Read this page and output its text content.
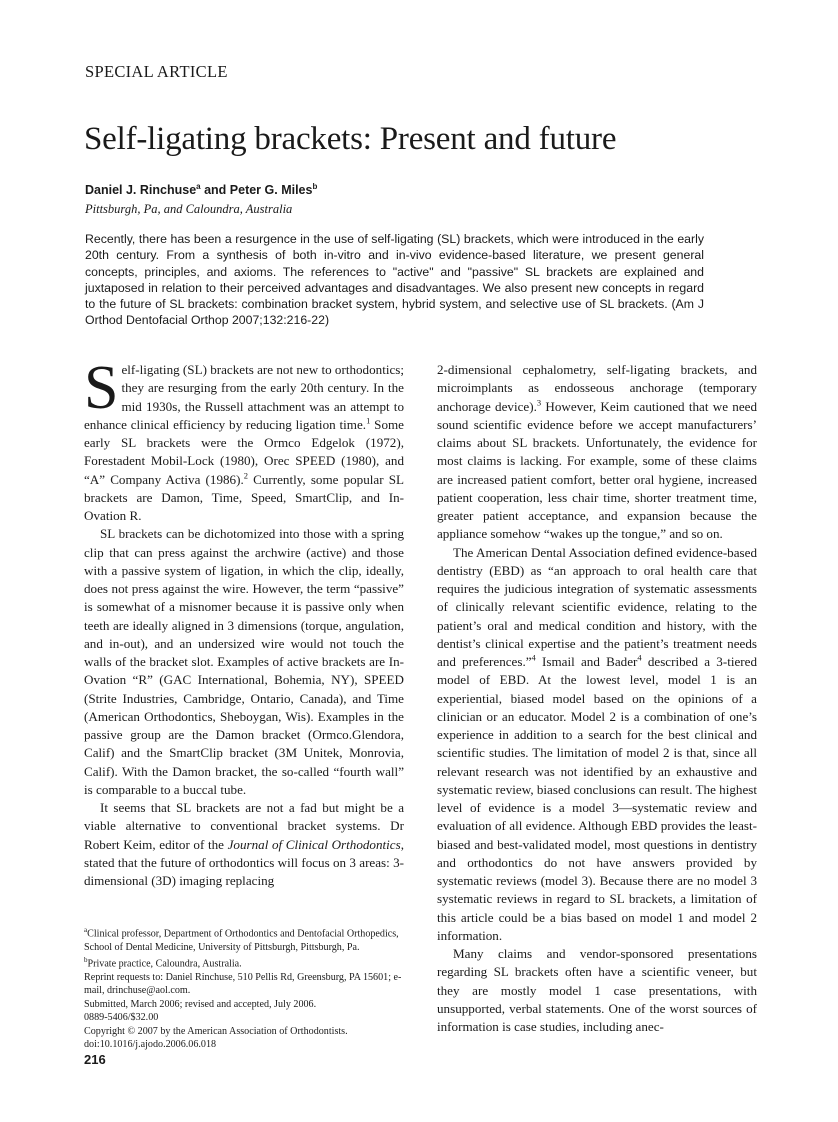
SPECIAL ARTICLE
Self-ligating brackets: Present and future
Daniel J. Rinchuse$^a$ and Peter G. Miles$^b$
Pittsburgh, Pa, and Caloundra, Australia

Recently, there has been a resurgence in the use of self-ligating (SL) brackets, which were introduced in the early 20th century. From a synthesis of both in-vitro and in-vivo evidence-based literature, we present general concepts, principles, and axioms. The references to "active" and "passive" SL brackets are explained and juxtaposed in relation to their perceived advantages and disadvantages. We also present new concepts in regard to the future of SL brackets: combination bracket system, hybrid system, and selective use of SL brackets. (Am J Orthod Dentofacial Orthop 2007;132:216-22)

Self-ligating (SL) brackets are not new to orthodontics; they are resurging from the early 20th century. In the mid 1930s, the Russell attachment was an attempt to enhance clinical efficiency by reducing ligation time.$^1$ Some early SL brackets were the Ormco Edgelok (1972), Forestadent Mobil-Lock (1980), Orec SPEED (1980), and “A” Company Activa (1986).$^2$ Currently, some popular SL brackets are Damon, Time, Speed, SmartClip, and In-Ovation R.

SL brackets can be dichotomized into those with a spring clip that can press against the archwire (active) and those with a passive system of ligation, in which the clip, ideally, does not press against the wire. However, the term “passive” is somewhat of a misnomer because it is passive only when teeth are ideally aligned in 3 dimensions (torque, angulation, and in-out), and an undersized wire would not touch the walls of the bracket slot. Examples of active brackets are In-Ovation “R” (GAC International, Bohemia, NY), SPEED (Strite Industries, Cambridge, Ontario, Canada), and Time (American Orthodontics, Sheboygan, Wis). Examples in the passive group are the Damon bracket (Ormco.Glendora, Calif) and the SmartClip bracket (3M Unitek, Monrovia, Calif). With the Damon bracket, the so-called “fourth wall” is comparable to a buccal tube.

It seems that SL brackets are not a fad but might be a viable alternative to conventional bracket systems. Dr Robert Keim, editor of the Journal of Clinical Orthodontics, stated that the future of orthodontics will focus on 3 areas: 3-dimensional (3D) imaging replacing

2-dimensional cephalometry, self-ligating brackets, and microimplants as endosseous anchorage (temporary anchorage device).$^3$ However, Keim cautioned that we need sound scientific evidence before we accept manufacturers’ claims about SL brackets. Unfortunately, the evidence for most claims is lacking. For example, some of these claims are increased patient comfort, better oral hygiene, increased patient cooperation, less chair time, shorter treatment time, greater patient acceptance, and expansion because the appliance somehow “wakes up the tongue,” and so on.

The American Dental Association defined evidence-based dentistry (EBD) as “an approach to oral health care that requires the judicious integration of systematic assessments of clinically relevant scientific evidence, relating to the patient’s oral and medical condition and history, with the dentist’s clinical expertise and the patient’s treatment needs and preferences.”$^4$ Ismail and Bader$^4$ described a 3-tiered model of EBD. At the lowest level, model 1 is an experiential, biased model based on the opinions of a clinician or an educator. Model 2 is a combination of one’s experience in addition to a search for the best clinical and scientific studies. The limitation of model 2 is that, since all relevant research was not identified by an exhaustive and systematic review, biased conclusions can result. The highest level of evidence is a model 3—systematic review and evaluation of all evidence. Although EBD provides the least-biased and best-validated model, most questions in dentistry and orthodontics do not have answers provided by systematic reviews (model 3). Because there are no model 3 systematic reviews in regard to SL brackets, a limitation of this article could be a bias based on model 1 and model 2 information.

Many claims and vendor-sponsored presentations regarding SL brackets often have a scientific veneer, but they are mostly model 1 case presentations, with unsupported, verbal statements. One of the worst sources of information is case studies, including anec-

$^a$Clinical professor, Department of Orthodontics and Dentofacial Orthopedics, School of Dental Medicine, University of Pittsburgh, Pittsburgh, Pa.
$^b$Private practice, Caloundra, Australia.
Reprint requests to: Daniel Rinchuse, 510 Pellis Rd, Greensburg, PA 15601; e-mail, drinchuse@aol.com.
Submitted, March 2006; revised and accepted, July 2006.
0889-5406/$32.00
Copyright © 2007 by the American Association of Orthodontists.
doi:10.1016/j.ajodo.2006.06.018
216
